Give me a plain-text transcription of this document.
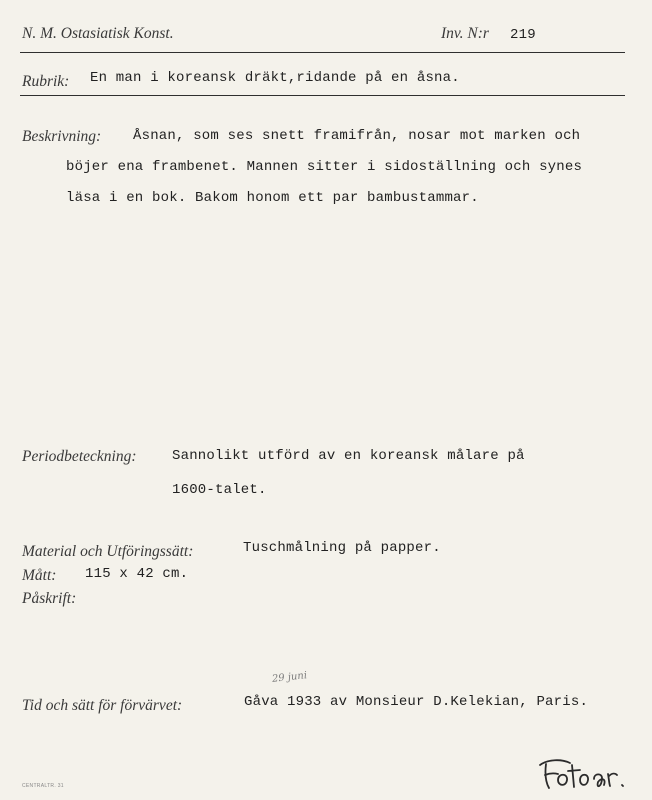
N. M. Ostasiatisk Konst.	Inv. N:r 219
Rubrik: En man i koreansk dräkt,ridande på en åsna.
Beskrivning: Åsnan, som ses snett framifrån, nosar mot marken och
böjer ena frambenet. Mannen sitter i sidoställning och synes
läsa i en bok. Bakom honom ett par bambustammar.
Periodbeteckning:	Sannolikt utförd av en koreansk målare på
1600-talet.
Material och Utföringssätt:	Tuschmålning på papper.
Mått: 115 x 42 cm.
Påskrift:
29 juni
Tid och sätt för förvärvet:	Gåva 1933 av Monsieur D.Kelekian, Paris.
CENTRALTR. 31
